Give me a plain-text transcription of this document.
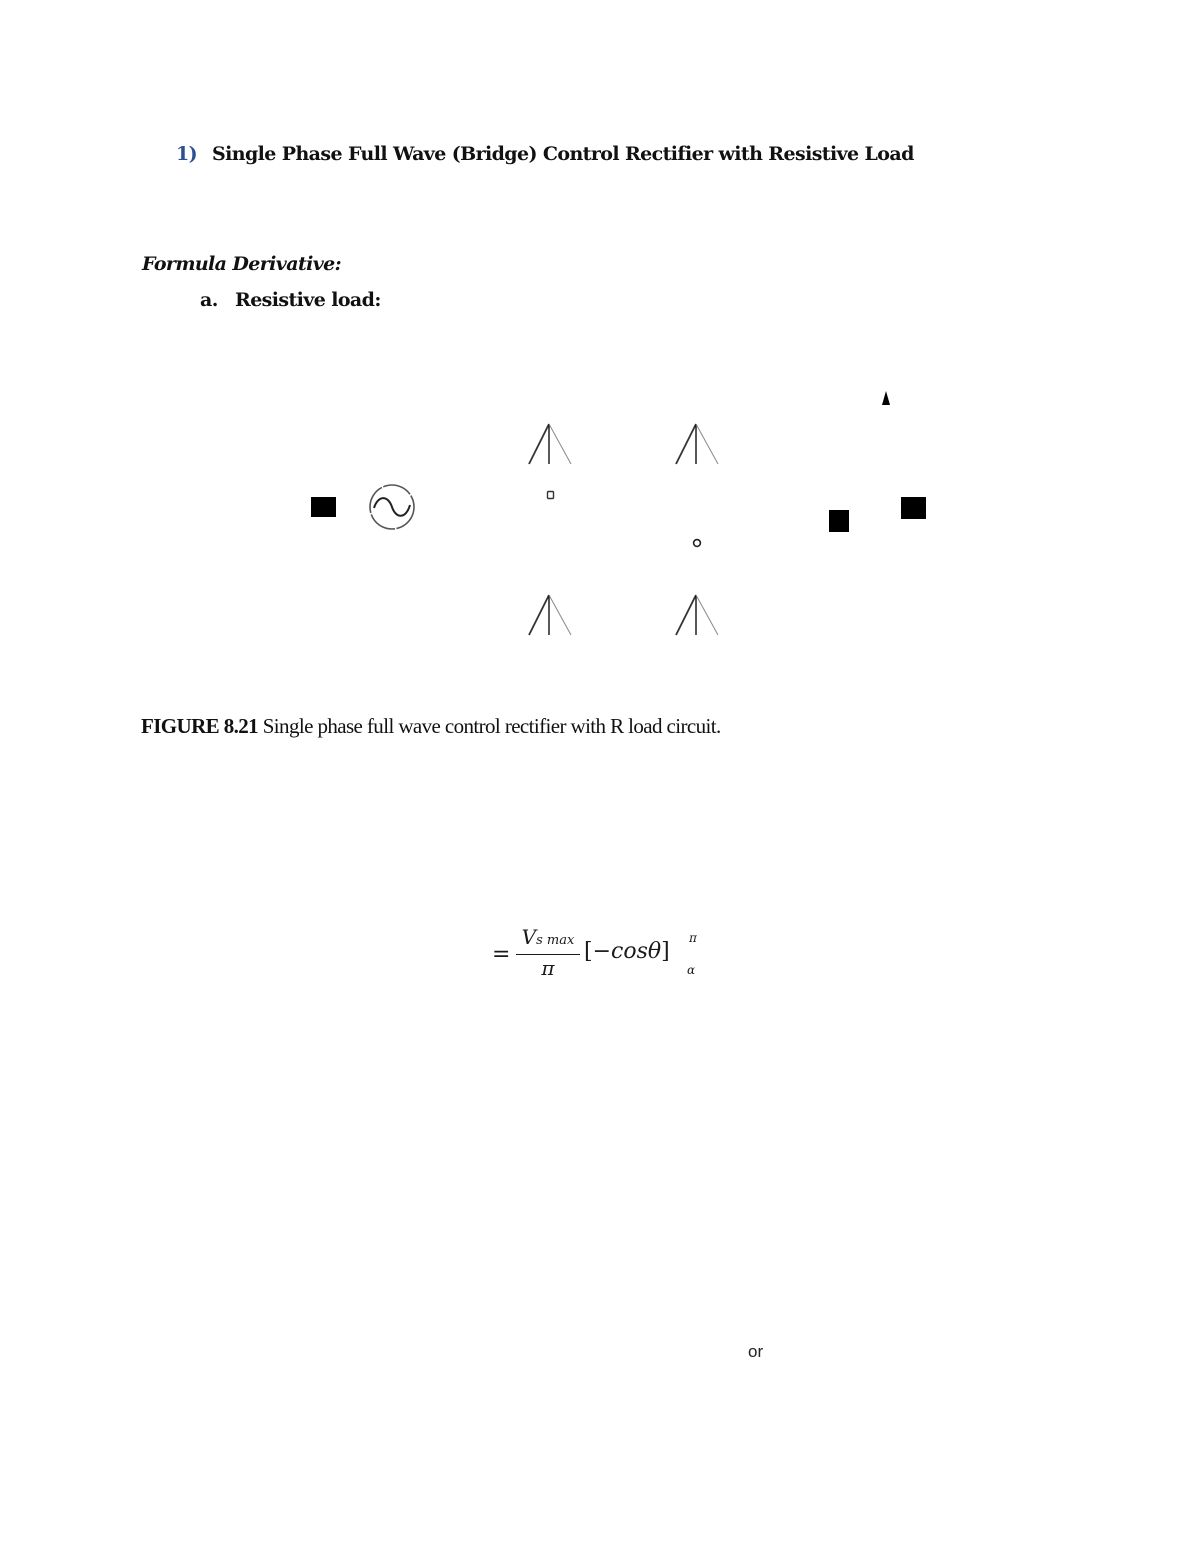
1) Single Phase Full Wave (Bridge) Control Rectifier with Resistive Load
Formula Derivative:
a. Resistive load:
FIGURE 8.21 Single phase full wave control rectifier with R load circuit.
=
Vs max
π
[−cosθ]
π
α
or
